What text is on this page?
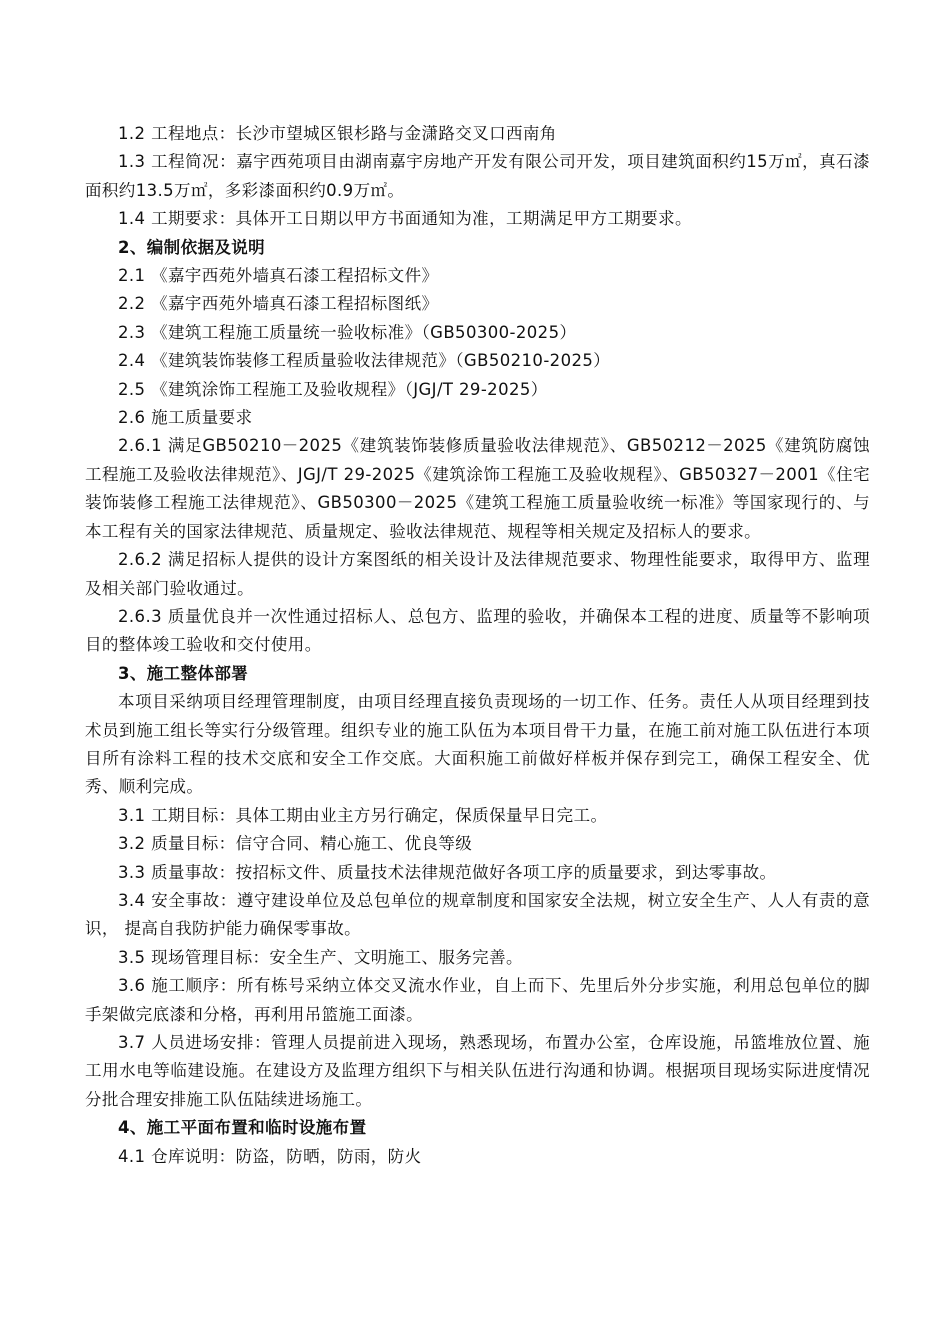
1.2 工程地点：长沙市望城区银杉路与金潇路交叉口西南角

1.3 工程简况：嘉宇西苑项目由湖南嘉宇房地产开发有限公司开发，项目建筑面积约15万㎡，真石漆面积约13.5万㎡，多彩漆面积约0.9万㎡。

1.4 工期要求：具体开工日期以甲方书面通知为准，工期满足甲方工期要求。

2、编制依据及说明

2.1 《嘉宇西苑外墙真石漆工程招标文件》

2.2 《嘉宇西苑外墙真石漆工程招标图纸》

2.3 《建筑工程施工质量统一验收标准》（GB50300-2025）

2.4 《建筑装饰装修工程质量验收法律规范》（GB50210-2025）

2.5 《建筑涂饰工程施工及验收规程》（JGJ/T 29-2025）

2.6 施工质量要求

2.6.1 满足GB50210－2025《建筑装饰装修质量验收法律规范》、GB50212－2025《建筑防腐蚀工程施工及验收法律规范》、JGJ/T 29-2025《建筑涂饰工程施工及验收规程》、GB50327－2001《住宅装饰装修工程施工法律规范》、GB50300－2025《建筑工程施工质量验收统一标准》等国家现行的、与本工程有关的国家法律规范、质量规定、验收法律规范、规程等相关规定及招标人的要求。

2.6.2 满足招标人提供的设计方案图纸的相关设计及法律规范要求、物理性能要求，取得甲方、监理及相关部门验收通过。

2.6.3 质量优良并一次性通过招标人、总包方、监理的验收，并确保本工程的进度、质量等不影响项目的整体竣工验收和交付使用。

3、施工整体部署

本项目采纳项目经理管理制度，由项目经理直接负责现场的一切工作、任务。责任人从项目经理到技术员到施工组长等实行分级管理。组织专业的施工队伍为本项目骨干力量，在施工前对施工队伍进行本项目所有涂料工程的技术交底和安全工作交底。大面积施工前做好样板并保存到完工，确保工程安全、优秀、顺利完成。

3.1 工期目标：具体工期由业主方另行确定，保质保量早日完工。

3.2 质量目标：信守合同、精心施工、优良等级

3.3 质量事故：按招标文件、质量技术法律规范做好各项工序的质量要求，到达零事故。

3.4 安全事故：遵守建设单位及总包单位的规章制度和国家安全法规，树立安全生产、人人有责的意识， 提高自我防护能力确保零事故。

3.5 现场管理目标：安全生产、文明施工、服务完善。

3.6 施工顺序：所有栋号采纳立体交叉流水作业，自上而下、先里后外分步实施，利用总包单位的脚手架做完底漆和分格，再利用吊篮施工面漆。

3.7 人员进场安排：管理人员提前进入现场，熟悉现场，布置办公室，仓库设施，吊篮堆放位置、施工用水电等临建设施。在建设方及监理方组织下与相关队伍进行沟通和协调。根据项目现场实际进度情况分批合理安排施工队伍陆续进场施工。

4、施工平面布置和临时设施布置

4.1 仓库说明：防盗，防晒，防雨，防火
